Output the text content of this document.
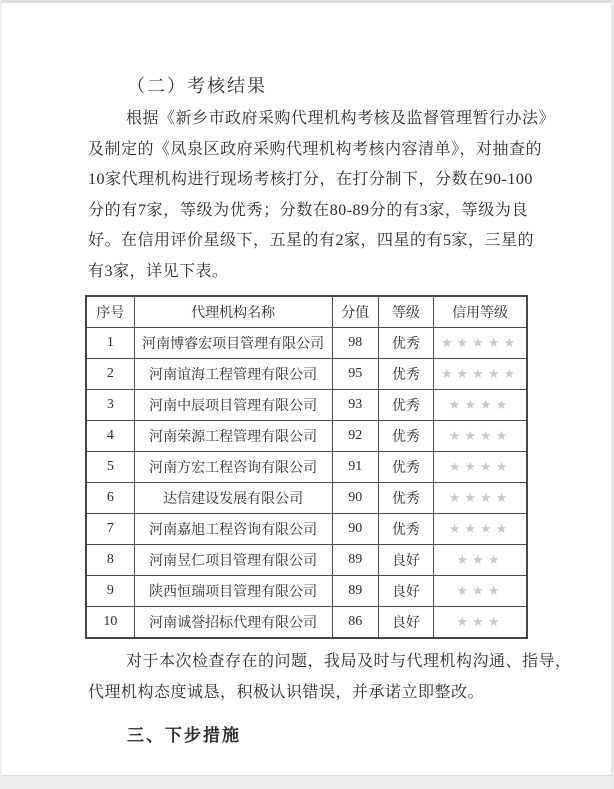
（二）考核结果
根据《新乡市政府采购代理机构考核及监督管理暂行办法》
及制定的《凤泉区政府采购代理机构考核内容清单》，对抽查的
10家代理机构进行现场考核打分，在打分制下，分数在90-100
分的有7家，等级为优秀；分数在80-89分的有3家，等级为良
好。在信用评价星级下，五星的有2家，四星的有5家，三星的
有3家，详见下表。
序号	代理机构名称	分值	等级	信用等级
1	河南博睿宏项目管理有限公司	98	优秀	★★★★★
2	河南谊海工程管理有限公司	95	优秀	★★★★★
3	河南中辰项目管理有限公司	93	优秀	★★★★
4	河南荣源工程管理有限公司	92	优秀	★★★★
5	河南方宏工程咨询有限公司	91	优秀	★★★★
6	达信建设发展有限公司	90	优秀	★★★★
7	河南嘉旭工程咨询有限公司	90	优秀	★★★★
8	河南昱仁项目管理有限公司	89	良好	★★★
9	陕西恒瑞项目管理有限公司	89	良好	★★★
10	河南诚誉招标代理有限公司	86	良好	★★★
对于本次检查存在的问题，我局及时与代理机构沟通、指导，
代理机构态度诚恳，积极认识错误，并承诺立即整改。
三、下步措施
